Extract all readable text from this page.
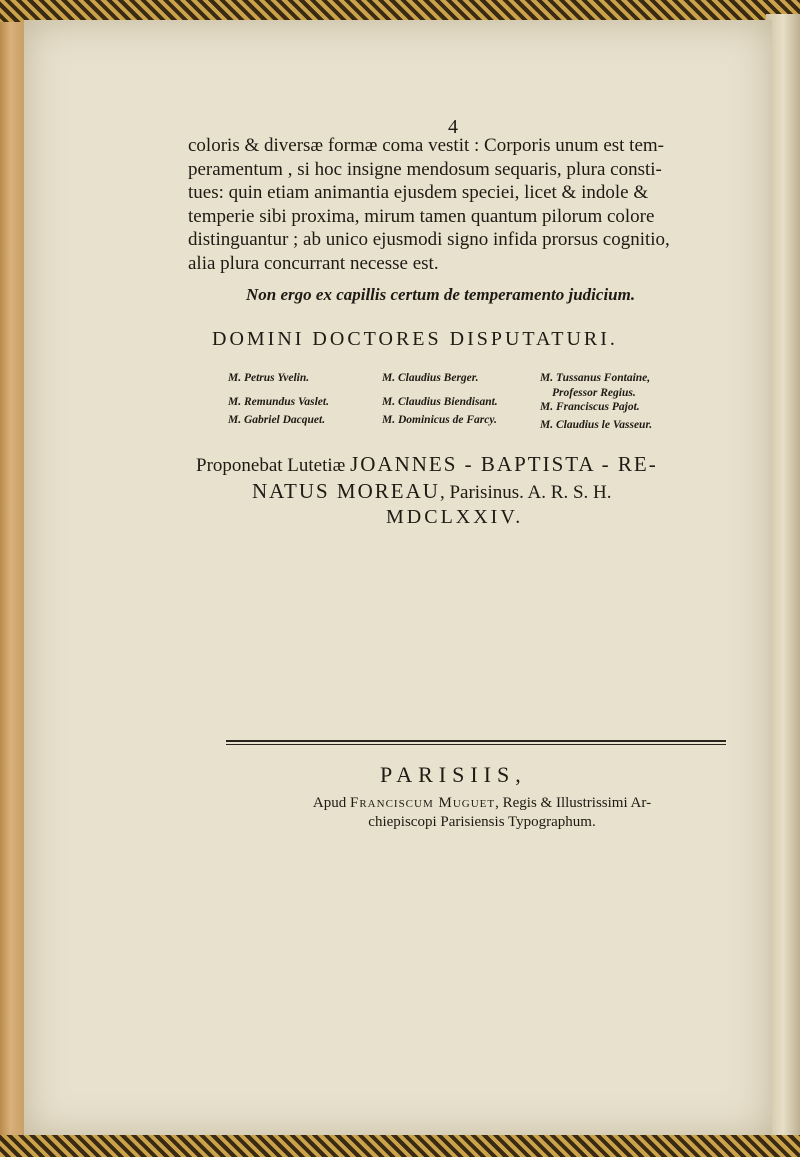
4
coloris & diversæ formæ coma vestit : Corporis unum est tem-
peramentum , si hoc insigne mendosum sequaris, plura consti-
tues: quin etiam animantia ejusdem speciei, licet & indole &
temperie sibi proxima, mirum tamen quantum pilorum colore
distinguantur ; ab unico ejusmodi signo infida prorsus cognitio,
alia plura concurrant necesse est.
Non ergo ex capillis certum de temperamento judicium.
DOMINI DOCTORES DISPUTATURI.
M. Petrus Yvelin.
M. Remundus Vaslet.
M. Gabriel Dacquet.
M. Claudius Berger.
M. Claudius Biendisant.
M. Dominicus de Farcy.
M. Tussanus Fontaine,
Professor Regius.
M. Franciscus Pajot.
M. Claudius le Vasseur.
Proponebat Lutetiæ JOANNES - BAPTISTA - RE-
NATUS MOREAU, Parisinus. A. R. S. H.
MDCLXXIV.
PARISIIS,
Apud Franciscum Muguet, Regis & Illustrissimi Ar-
chiepiscopi Parisiensis Typographum.
